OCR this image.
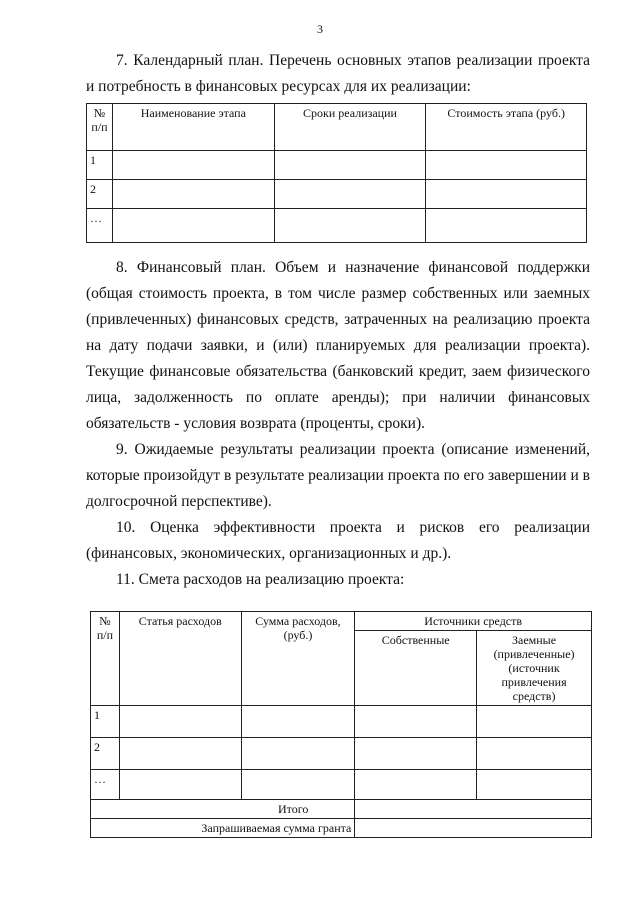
3

7. Календарный план. Перечень основных этапов реализации проекта и потребность в финансовых ресурсах для их реализации:

№ п/п	Наименование этапа	Сроки реализации	Стоимость этапа (руб.)
1			
2			
…			

8. Финансовый план. Объем и назначение финансовой поддержки (общая стоимость проекта, в том числе размер собственных или заемных (привлеченных) финансовых средств, затраченных на реализацию проекта на дату подачи заявки, и (или) планируемых для реализации проекта). Текущие финансовые обязательства (банковский кредит, заем физического лица, задолженность по оплате аренды); при наличии финансовых обязательств - условия возврата (проценты, сроки).

9. Ожидаемые результаты реализации проекта (описание изменений, которые произойдут в результате реализации проекта по его завершении и в долгосрочной перспективе).

10. Оценка эффективности проекта и рисков его реализации (финансовых, экономических, организационных и др.).

11. Смета расходов на реализацию проекта:

№ п/п	Статья расходов	Сумма расходов, (руб.)	Источники средств	
			Собственные	Заемные (привлеченные) (источник привлечения средств)
1				
2				
…				
Итого				
Запрашиваемая сумма гранта				
